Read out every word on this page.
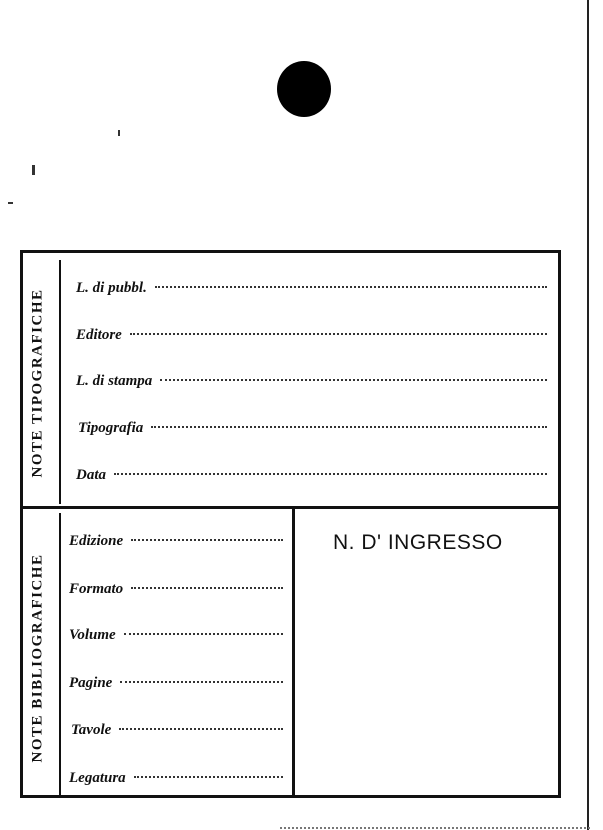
NOTE TIPOGRAFICHE
NOTE BIBLIOGRAFICHE
L. di pubbl.
Editore
L. di stampa
Tipografia
Data
Edizione
Formato
Volume
Pagine
Tavole
Legatura
N. D' INGRESSO
